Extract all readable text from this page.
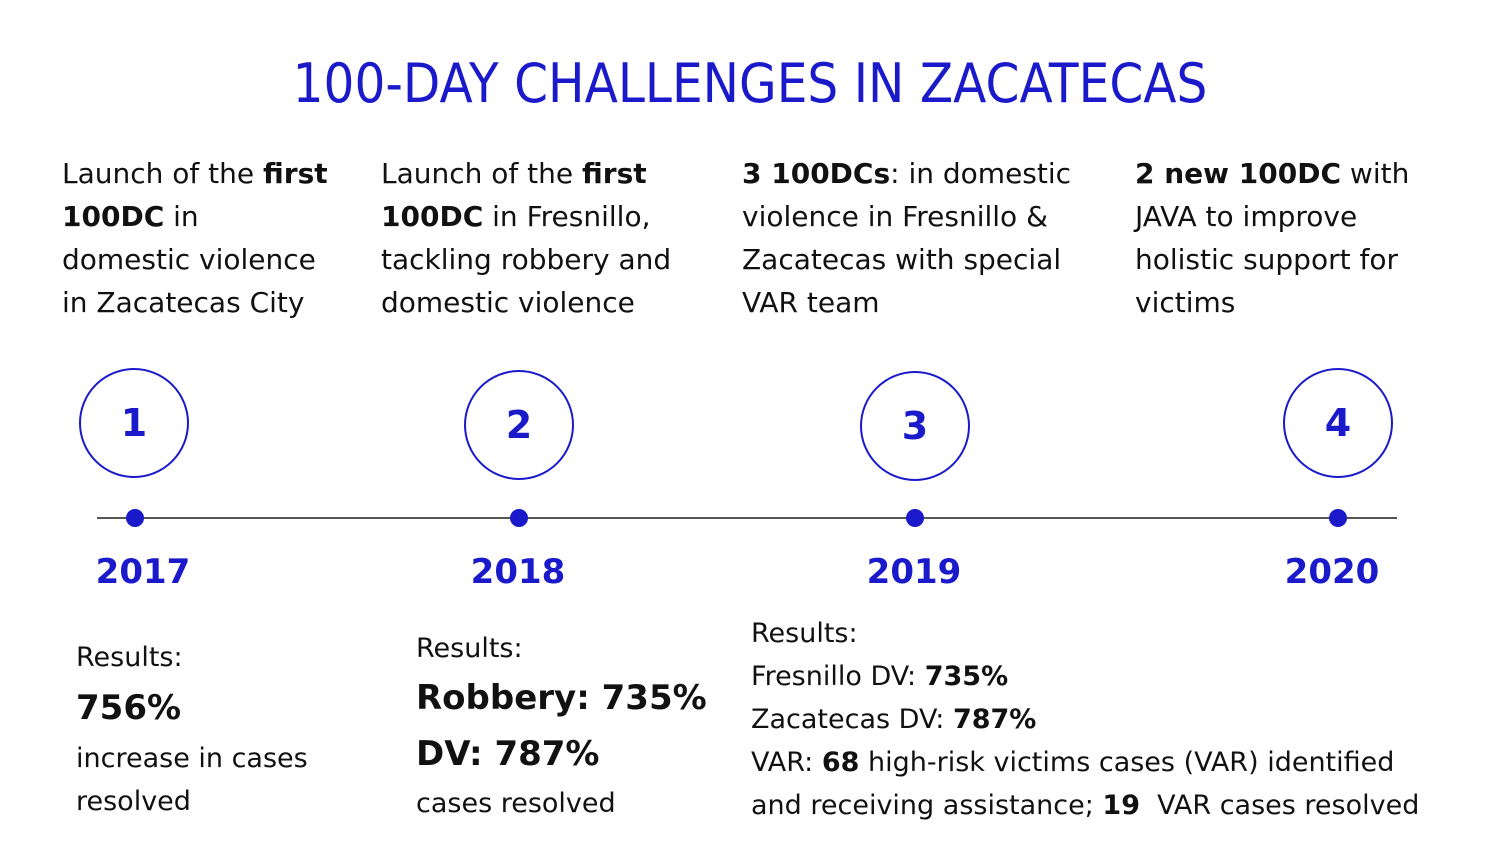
100-DAY CHALLENGES IN ZACATECAS
Launch of the first
100DC in
domestic violence
in Zacatecas City
Launch of the first
100DC in Fresnillo,
tackling robbery and
domestic violence
3 100DCs: in domestic
violence in Fresnillo &
Zacatecas with special
VAR team
2 new 100DC with
JAVA to improve
holistic support for
victims
1	2	3	4
2017	2018	2019	2020
Results:
756%
increase in cases
resolved
Results:
Robbery: 735%
DV: 787%
cases resolved
Results:
Fresnillo DV: 735%
Zacatecas DV: 787%
VAR: 68 high-risk victims cases (VAR) identified
and receiving assistance; 19  VAR cases resolved
